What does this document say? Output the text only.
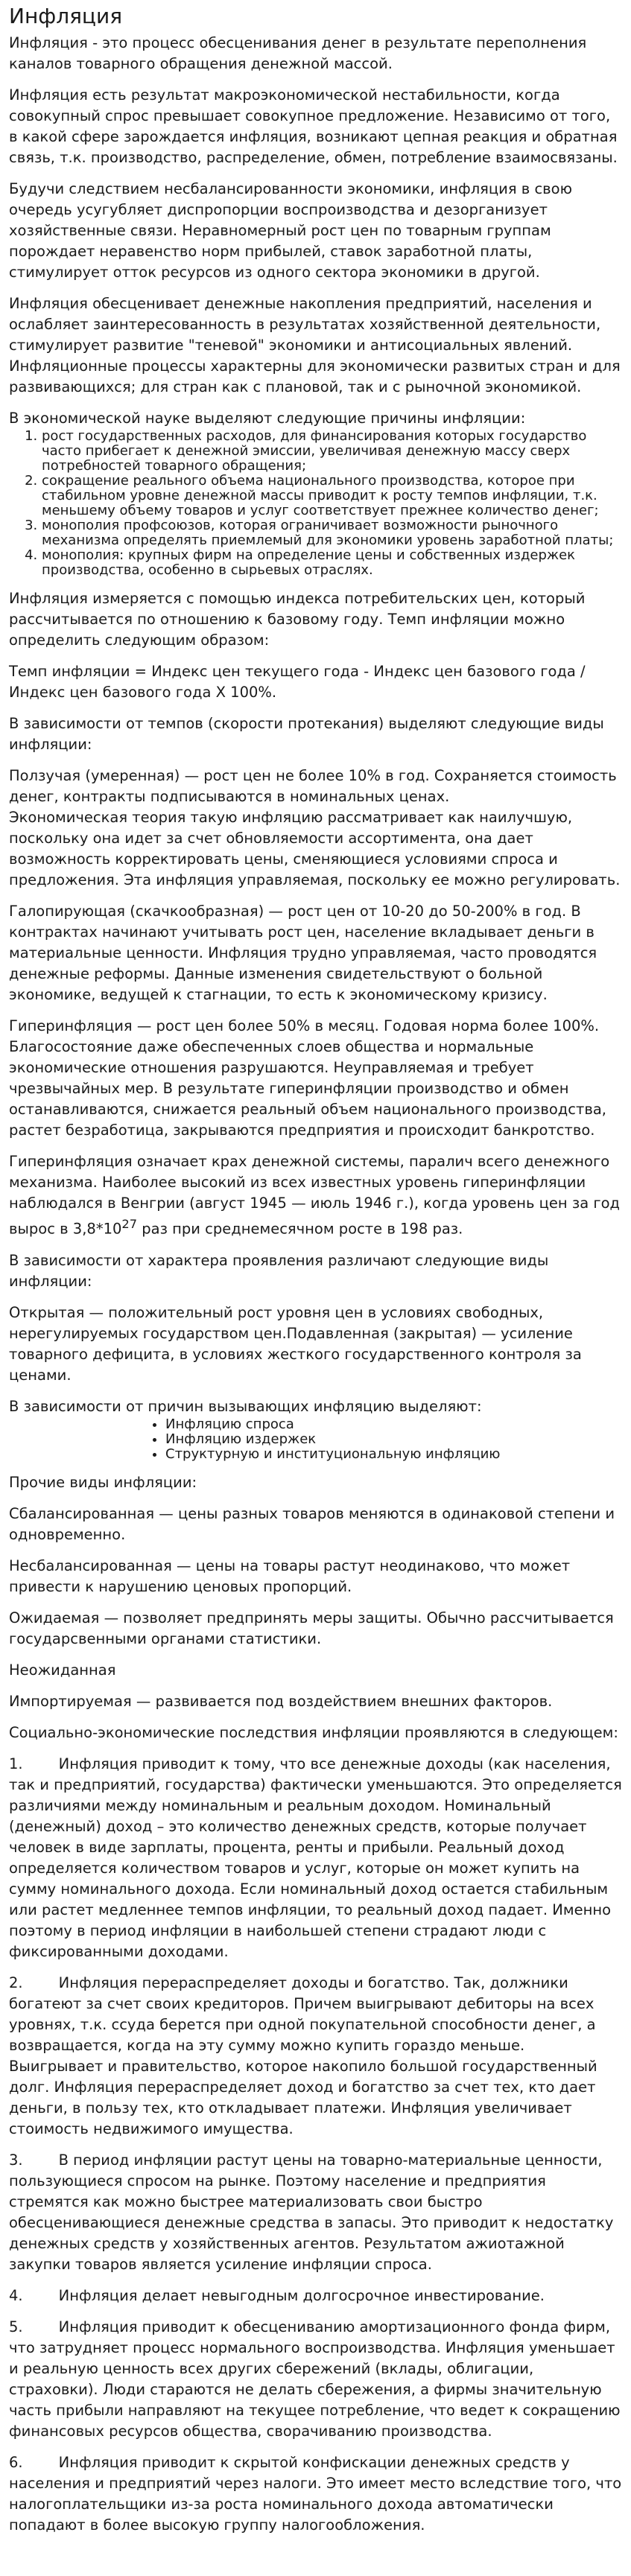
Инфляция

Инфляция - это процесс обесценивания денег в результате переполнения каналов товарного обращения денежной массой.

Инфляция есть результат макроэкономической нестабильности, когда совокупный спрос превышает совокупное предложение. Независимо от того, в какой сфере зарождается инфляция, возникают цепная реакция и обратная связь, т.к. производство, распределение, обмен, потребление взаимосвязаны.

Будучи следствием несбалансированности экономики, инфляция в свою очередь усугубляет диспропорции воспроизводства и дезорганизует хозяйственные связи. Неравномерный рост цен по товарным группам порождает неравенство норм прибылей, ставок заработной платы, стимулирует отток ресурсов из одного сектора экономики в другой.

Инфляция обесценивает денежные накопления предприятий, населения и ослабляет заинтересованность в результатах хозяйственной деятельности, стимулирует развитие "теневой" экономики и антисоциальных явлений. Инфляционные процессы характерны для экономически развитых стран и для развивающихся; для стран как с плановой, так и с рыночной экономикой.

В экономической науке выделяют следующие причины инфляции:

1. рост государственных расходов, для финансирования которых государство часто прибегает к денежной эмиссии, увеличивая денежную массу сверх потребностей товарного обращения;
2. сокращение реального объема национального производства, которое при стабильном уровне денежной массы приводит к росту темпов инфляции, т.к. меньшему объему товаров и услуг соответствует прежнее количество денег;
3. монополия профсоюзов, которая ограничивает возможности рыночного механизма определять приемлемый для экономики уровень заработной платы;
4. монополия: крупных фирм на определение цены и собственных издержек производства, особенно в сырьевых отраслях.

Инфляция измеряется с помощью индекса потребительских цен, который рассчитывается по отношению к базовому году. Темп инфляции можно определить следующим образом:

Темп инфляции = Индекс цен текущего года - Индекс цен базового года /Индекс цен базового года Х 100%.

В зависимости от темпов (скорости протекания) выделяют следующие виды инфляции:

Ползучая (умеренная) — рост цен не более 10% в год. Сохраняется стоимость денег, контракты подписываются в номинальных ценах.

Экономическая теория такую инфляцию рассматривает как наилучшую, поскольку она идет за счет обновляемости ассортимента, она дает возможность корректировать цены, сменяющиеся условиями спроса и предложения. Эта инфляция управляемая, поскольку ее можно регулировать.

Галопирующая (скачкообразная) — рост цен от 10-20 до 50-200% в год. В контрактах начинают учитывать рост цен, население вкладывает деньги в материальные ценности. Инфляция трудно управляемая, часто проводятся денежные реформы. Данные изменения свидетельствуют о больной экономике, ведущей к стагнации, то есть к экономическому кризису.

Гиперинфляция — рост цен более 50% в месяц. Годовая норма более 100%. Благосостояние даже обеспеченных слоев общества и нормальные экономические отношения разрушаются. Неуправляемая и требует чрезвычайных мер. В результате гиперинфляции производство и обмен останавливаются, снижается реальный объем национального производства, растет безработица, закрываются предприятия и происходит банкротство.

Гиперинфляция означает крах денежной системы, паралич всего денежного механизма. Наиболее высокий из всех известных уровень гиперинфляции наблюдался в Венгрии (август 1945 — июль 1946 г.), когда уровень цен за год вырос в $3,8*10^{27}$ раз при среднемесячном росте в 198 раз.

В зависимости от характера проявления различают следующие виды инфляции:

Открытая — положительный рост уровня цен в условиях свободных, нерегулируемых государством цен.Подавленная (закрытая) — усиление товарного дефицита, в условиях жесткого государственного контроля за ценами.

В зависимости от причин вызывающих инфляцию выделяют:

• Инфляцию спроса
• Инфляцию издержек
• Структурную и институциональную инфляцию

Прочие виды инфляции:

Сбалансированная — цены разных товаров меняются в одинаковой степени и одновременно.

Несбалансированная — цены на товары растут неодинаково, что может привести к нарушению ценовых пропорций.

Ожидаемая — позволяет предпринять меры защиты. Обычно рассчитывается государсвенными органами статистики.

Неожиданная

Импортируемая — развивается под воздействием внешних факторов.

Социально-экономические последствия инфляции проявляются в следующем:

1. Инфляция приводит к тому, что все денежные доходы (как населения, так и предприятий, государства) фактически уменьшаются. Это определяется различиями между номинальным и реальным доходом. Номинальный (денежный) доход – это количество денежных средств, которые получает человек в виде зарплаты, процента, ренты и прибыли. Реальный доход определяется количеством товаров и услуг, которые он может купить на сумму номинального дохода. Если номинальный доход остается стабильным или растет медленнее темпов инфляции, то реальный доход падает. Именно поэтому в период инфляции в наибольшей степени страдают люди с фиксированными доходами.

2. Инфляция перераспределяет доходы и богатство. Так, должники богатеют за счет своих кредиторов. Причем выигрывают дебиторы на всех уровнях, т.к. ссуда берется при одной покупательной способности денег, а возвращается, когда на эту сумму можно купить гораздо меньше. Выигрывает и правительство, которое накопило большой государственный долг. Инфляция перераспределяет доход и богатство за счет тех, кто дает деньги, в пользу тех, кто откладывает платежи. Инфляция увеличивает стоимость недвижимого имущества.

3. В период инфляции растут цены на товарно-материальные ценности, пользующиеся спросом на рынке. Поэтому население и предприятия стремятся как можно быстрее материализовать свои быстро обесценивающиеся денежные средства в запасы. Это приводит к недостатку денежных средств у хозяйственных агентов. Результатом ажиотажной закупки товаров является усиление инфляции спроса.

4. Инфляция делает невыгодным долгосрочное инвестирование.

5. Инфляция приводит к обесцениванию амортизационного фонда фирм, что затрудняет процесс нормального воспроизводства. Инфляция уменьшает и реальную ценность всех других сбережений (вклады, облигации, страховки). Люди стараются не делать сбережения, а фирмы значительную часть прибыли направляют на текущее потребление, что ведет к сокращению финансовых ресурсов общества, сворачиванию производства.

6. Инфляция приводит к скрытой конфискации денежных средств у населения и предприятий через налоги. Это имеет место вследствие того, что налогоплательщики из-за роста номинального дохода автоматически попадают в более высокую группу налогообложения.
